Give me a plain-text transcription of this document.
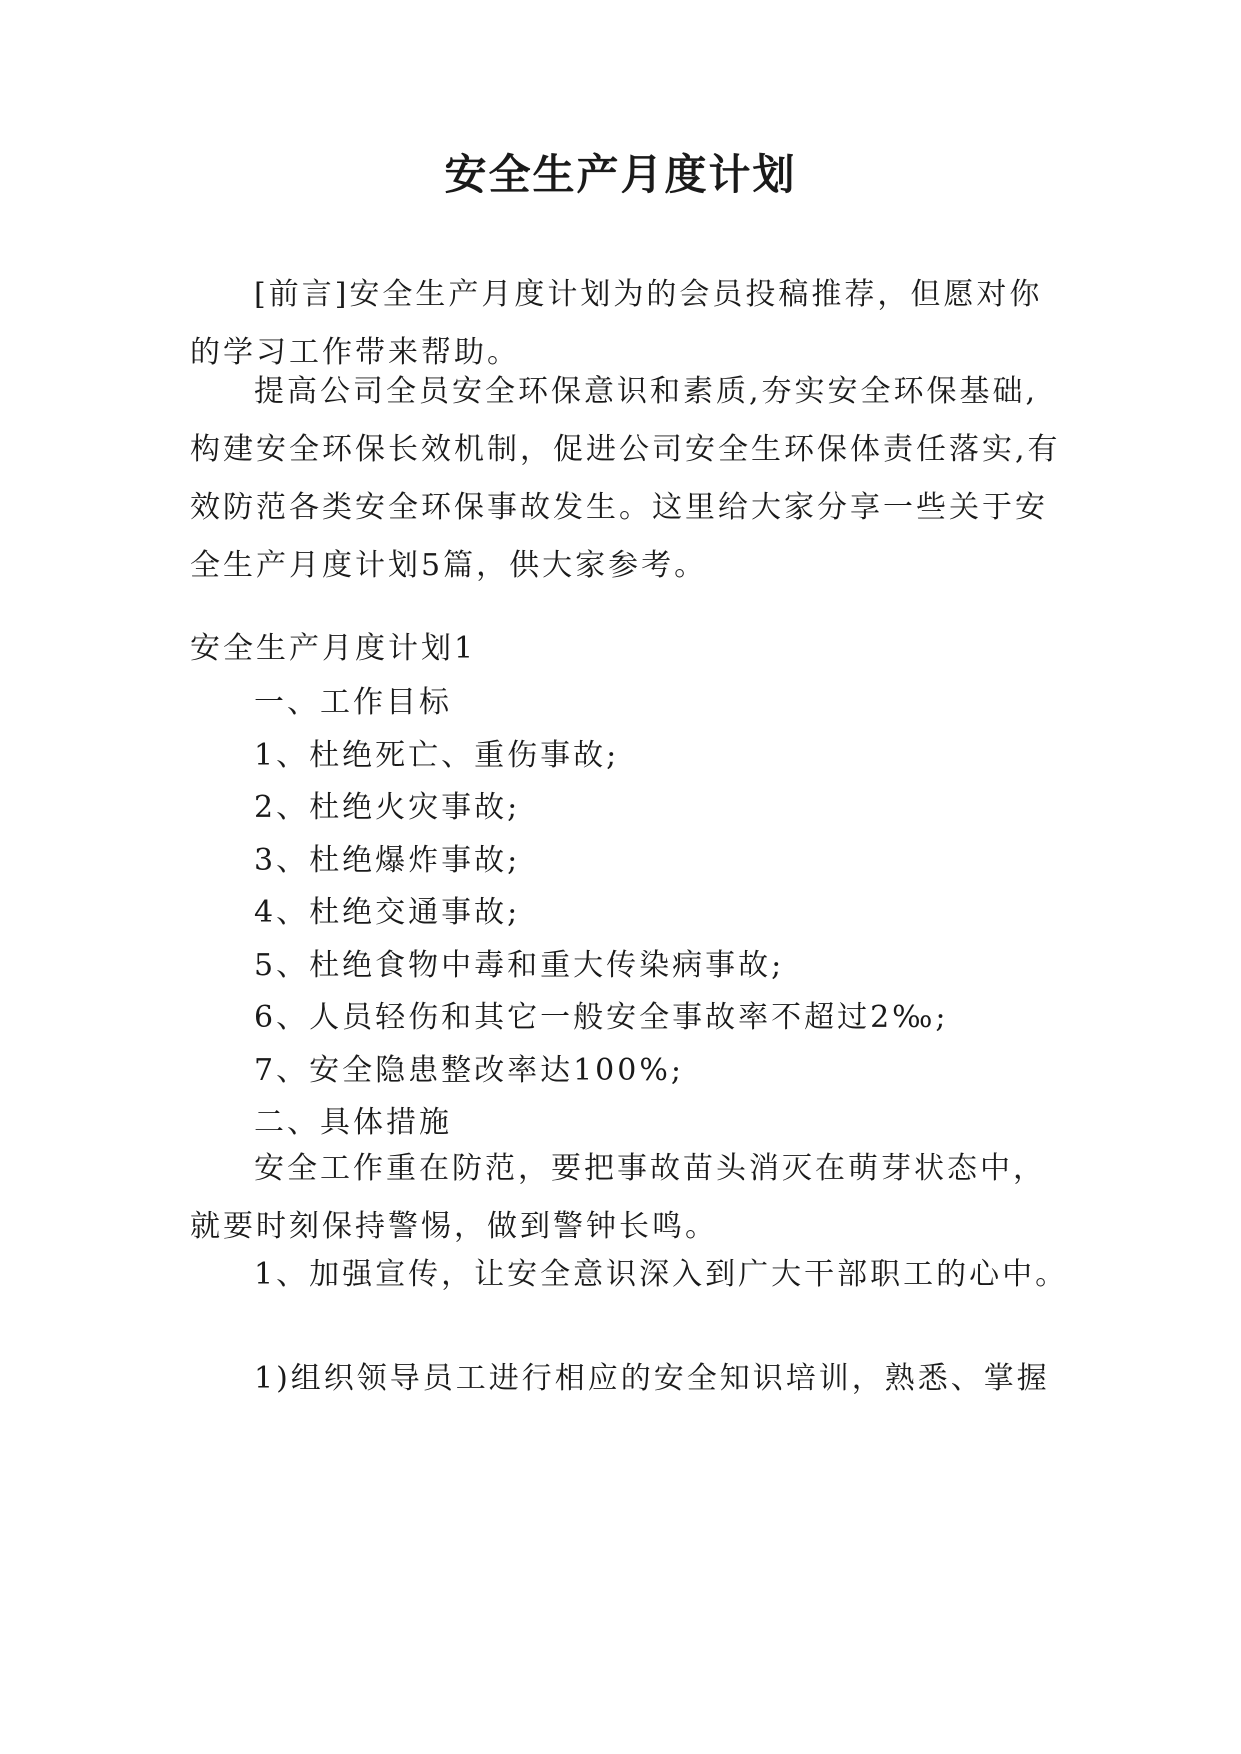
安全生产月度计划

[前言]安全生产月度计划为的会员投稿推荐，但愿对你的学习工作带来帮助。

提高公司全员安全环保意识和素质,夯实安全环保基础,构建安全环保长效机制，促进公司安全生环保体责任落实,有效防范各类安全环保事故发生。这里给大家分享一些关于安全生产月度计划5篇，供大家参考。

安全生产月度计划1
一、工作目标
1、杜绝死亡、重伤事故;
2、杜绝火灾事故;
3、杜绝爆炸事故;
4、杜绝交通事故;
5、杜绝食物中毒和重大传染病事故;
6、人员轻伤和其它一般安全事故率不超过2‰;
7、安全隐患整改率达100%;
二、具体措施

安全工作重在防范，要把事故苗头消灭在萌芽状态中，就要时刻保持警惕，做到警钟长鸣。

1、加强宣传，让安全意识深入到广大干部职工的心中。
1)组织领导员工进行相应的安全知识培训，熟悉、掌握
